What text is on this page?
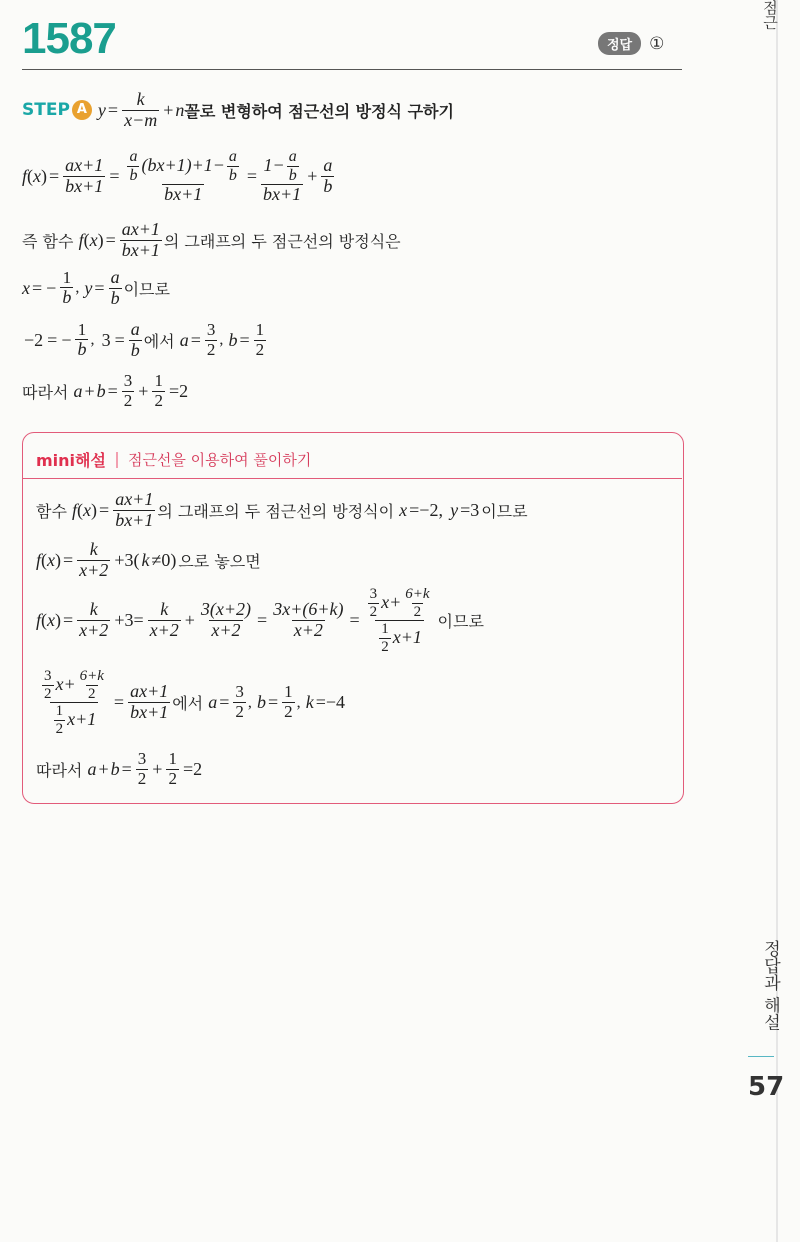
점근
1587	정답	①
STEP A $y = \frac{k}{x-m} + n$ 꼴로 변형하여 점근선의 방정식 구하기
f ( x ) = $\frac{ax+1}{bx+1} = \frac{\frac{a}{b} (bx+1)+1- \frac{a}{b}}{bx+1} = \frac{1- \frac{a}{b}}{bx+1} + \frac{a}{b}$
즉 함수
f ( x ) = $\frac{ax+1}{bx+1}$ 의 그래프의 두 점근선의 방정식은
x = − $\frac{1}{b}$ ,
$y = \frac{a}{b}$ 이므로
−2 = − $\frac{1}{b}$ ,
$3 = \frac{a}{b}$ 에서
$a = \frac{3}{2}$ ,
$b = \frac{1}{2}$
따라서
$a + b = \frac{3}{2} + \frac{1}{2} =2$
mini해설 점근선을 이용하여 풀이하기
함수
f ( x ) = $\frac{ax+1}{bx+1}$ 의 그래프의 두 점근선의 방정식이
x =−2,
y =3 이므로
f ( x ) = $\frac{k}{x+2} +3$( k ≠0) 으로 놓으면
f ( x ) = $\frac{k}{x+2} +3= \frac{k}{x+2} + \frac{3(x+2)}{x+2} = \frac{3x+(6+k)}{x+2} = \frac{\frac{3}{2} x+ \frac{6+k}{2}}{\frac{1}{2} x+1}$ 이므로
$\frac{\frac{3}{2} x+ \frac{6+k}{2}}{\frac{1}{2} x+1} = \frac{ax+1}{bx+1}$ 에서
$a = \frac{3}{2}$ ,
$b = \frac{1}{2}$ ,
k =−4
따라서
$a + b = \frac{3}{2} + \frac{1}{2} =2$
정답과 해설
57
